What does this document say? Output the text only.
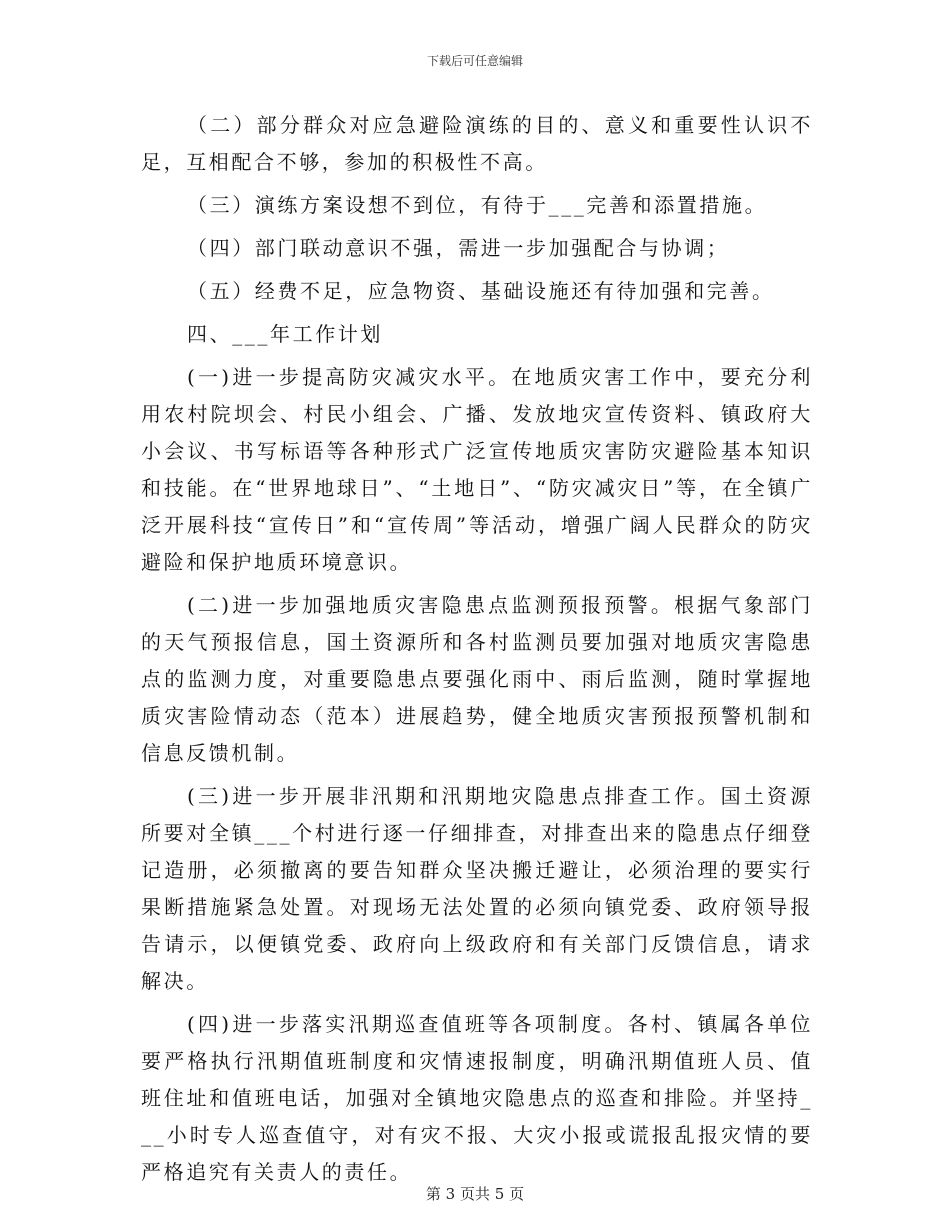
下载后可任意编辑

（二）部分群众对应急避险演练的目的、意义和重要性认识不足，互相配合不够，参加的积极性不高。

（三）演练方案设想不到位，有待于___完善和添置措施。

（四）部门联动意识不强，需进一步加强配合与协调；

（五）经费不足，应急物资、基础设施还有待加强和完善。

四、___年工作计划

(一)进一步提高防灾减灾水平。在地质灾害工作中，要充分利用农村院坝会、村民小组会、广播、发放地灾宣传资料、镇政府大小会议、书写标语等各种形式广泛宣传地质灾害防灾避险基本知识和技能。在“世界地球日”、“土地日”、“防灾减灾日”等，在全镇广泛开展科技“宣传日”和“宣传周”等活动，增强广阔人民群众的防灾避险和保护地质环境意识。

(二)进一步加强地质灾害隐患点监测预报预警。根据气象部门的天气预报信息，国土资源所和各村监测员要加强对地质灾害隐患点的监测力度，对重要隐患点要强化雨中、雨后监测，随时掌握地质灾害险情动态（范本）进展趋势，健全地质灾害预报预警机制和信息反馈机制。

(三)进一步开展非汛期和汛期地灾隐患点排查工作。国土资源所要对全镇___个村进行逐一仔细排查，对排查出来的隐患点仔细登记造册，必须撤离的要告知群众坚决搬迁避让，必须治理的要实行果断措施紧急处置。对现场无法处置的必须向镇党委、政府领导报告请示，以便镇党委、政府向上级政府和有关部门反馈信息，请求解决。

(四)进一步落实汛期巡查值班等各项制度。各村、镇属各单位要严格执行汛期值班制度和灾情速报制度，明确汛期值班人员、值班住址和值班电话，加强对全镇地灾隐患点的巡查和排险。并坚持___小时专人巡查值守，对有灾不报、大灾小报或谎报乱报灾情的要严格追究有关责人的责任。

第 3 页共 5 页
